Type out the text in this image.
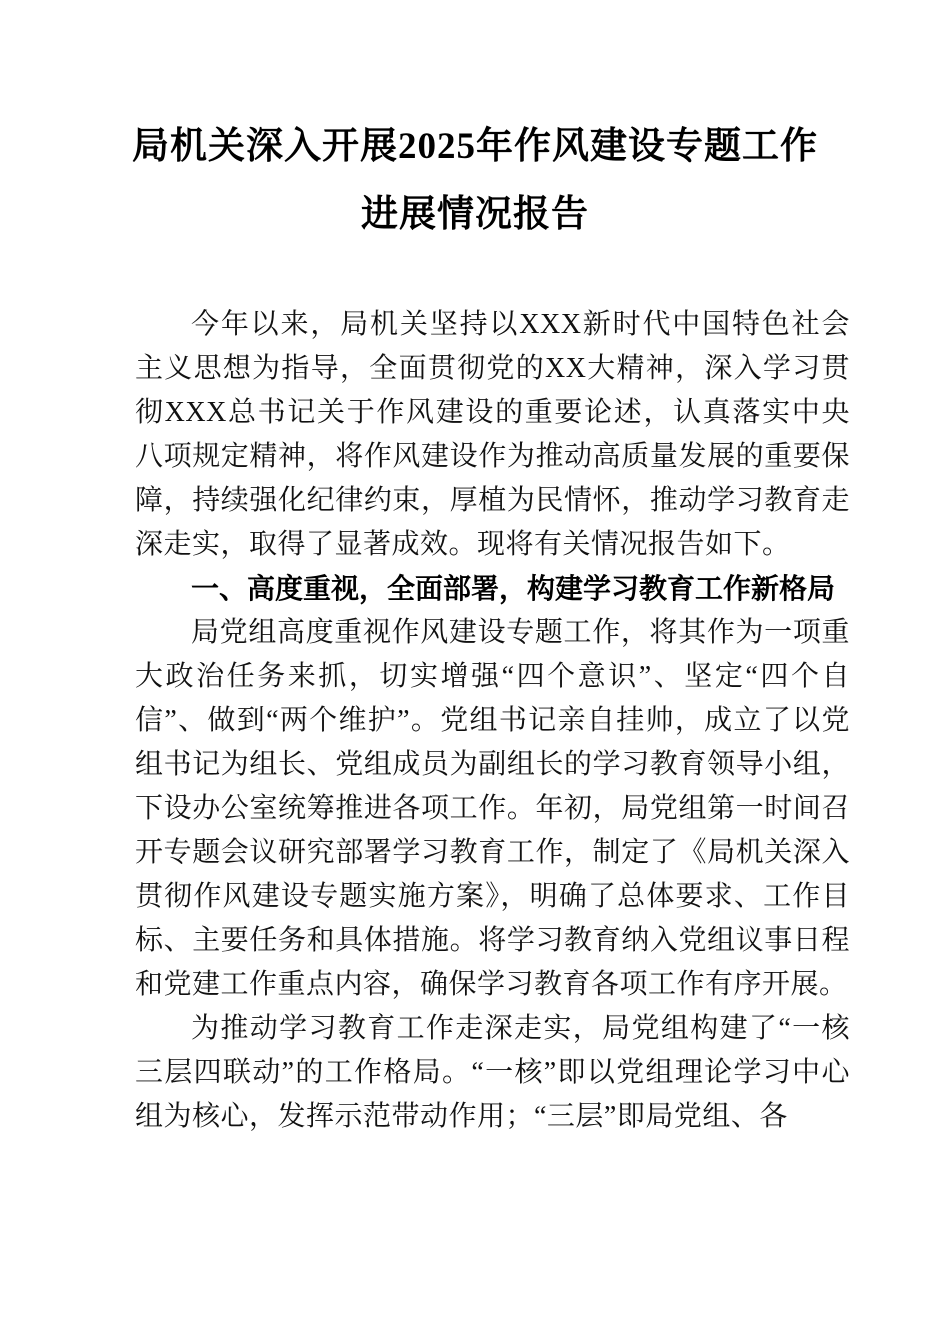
局机关深入开展2025年作风建设专题工作
进展情况报告

今年以来，局机关坚持以XXX新时代中国特色社会主义思想为指导，全面贯彻党的XX大精神，深入学习贯彻XXX总书记关于作风建设的重要论述，认真落实中央八项规定精神，将作风建设作为推动高质量发展的重要保障，持续强化纪律约束，厚植为民情怀，推动学习教育走深走实，取得了显著成效。现将有关情况报告如下。

一、高度重视，全面部署，构建学习教育工作新格局

局党组高度重视作风建设专题工作，将其作为一项重大政治任务来抓，切实增强“四个意识”、坚定“四个自信”、做到“两个维护”。党组书记亲自挂帅，成立了以党组书记为组长、党组成员为副组长的学习教育领导小组，下设办公室统筹推进各项工作。年初，局党组第一时间召开专题会议研究部署学习教育工作，制定了《局机关深入贯彻作风建设专题实施方案》，明确了总体要求、工作目标、主要任务和具体措施。将学习教育纳入党组议事日程和党建工作重点内容，确保学习教育各项工作有序开展。

为推动学习教育工作走深走实，局党组构建了“一核三层四联动”的工作格局。“一核”即以党组理论学习中心组为核心，发挥示范带动作用；“三层”即局党组、各
